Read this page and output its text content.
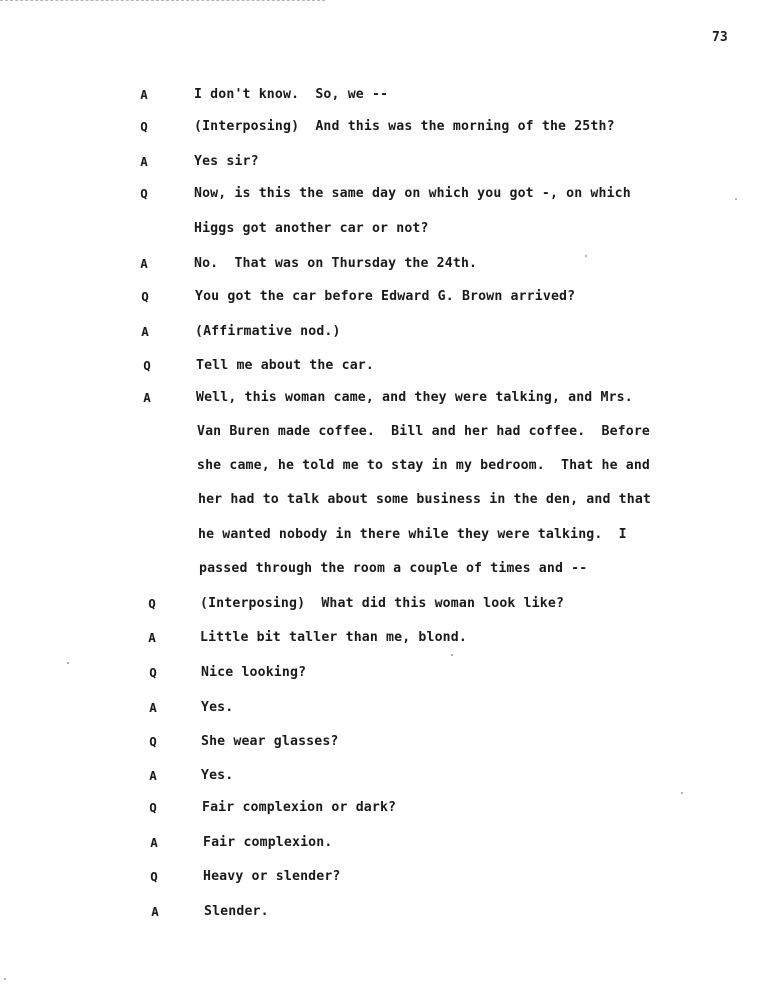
73
A	I don't know.  So, we --
Q	(Interposing)  And this was the morning of the 25th?
A	Yes sir?
Q	Now, is this the same day on which you got -, on which
Higgs got another car or not?
A	No.  That was on Thursday the 24th.
Q	You got the car before Edward G. Brown arrived?
A	(Affirmative nod.)
Q	Tell me about the car.
A	Well, this woman came, and they were talking, and Mrs.
Van Buren made coffee.  Bill and her had coffee.  Before
she came, he told me to stay in my bedroom.  That he and
her had to talk about some business in the den, and that
he wanted nobody in there while they were talking.  I
passed through the room a couple of times and --
Q	(Interposing)  What did this woman look like?
A	Little bit taller than me, blond.
Q	Nice looking?
A	Yes.
Q	She wear glasses?
A	Yes.
Q	Fair complexion or dark?
A	Fair complexion.
Q	Heavy or slender?
A	Slender.
